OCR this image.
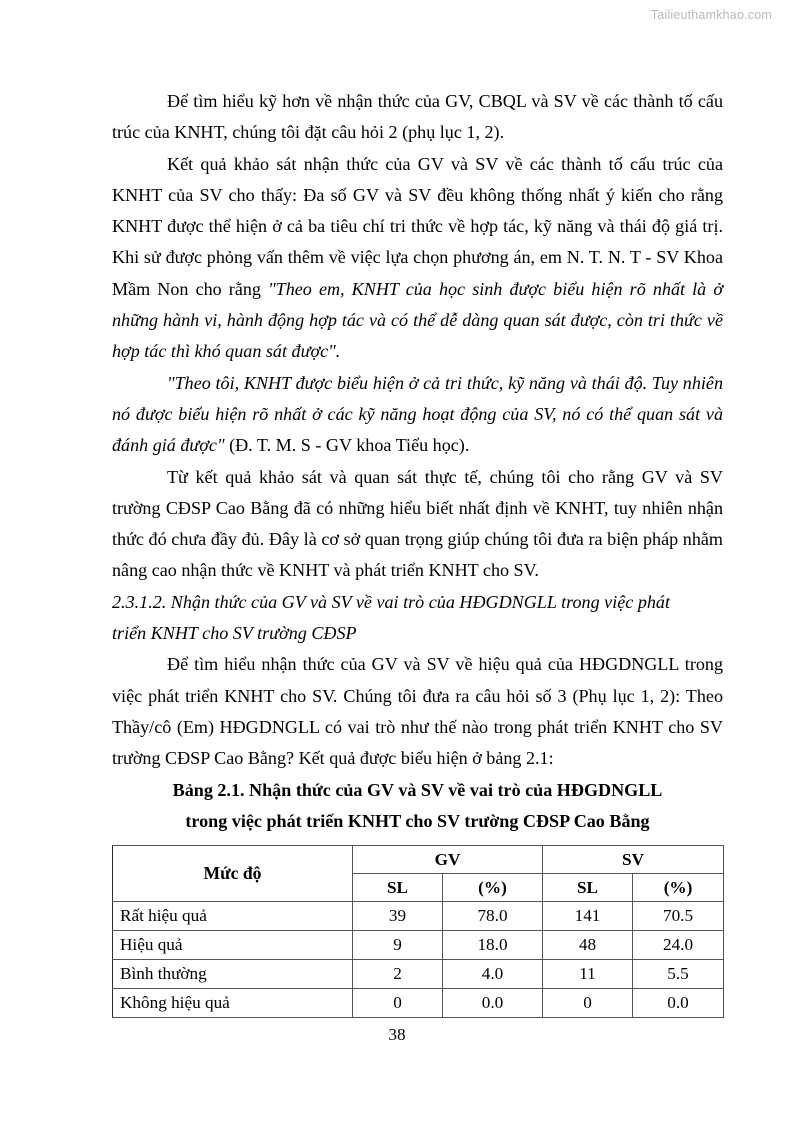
Tailieuthamkhao.com

Để tìm hiểu kỹ hơn về nhận thức của GV, CBQL và SV về các thành tố cấu trúc của KNHT, chúng tôi đặt câu hỏi 2 (phụ lục 1, 2).

Kết quả khảo sát nhận thức của GV và SV về các thành tố cấu trúc của KNHT của SV cho thấy: Đa số GV và SV đều không thống nhất ý kiến cho rằng KNHT được thể hiện ở cả ba tiêu chí tri thức về hợp tác, kỹ năng và thái độ giá trị. Khi sử được phỏng vấn thêm về việc lựa chọn phương án, em N. T. N. T - SV Khoa Mầm Non cho rằng "Theo em, KNHT của học sinh được biểu hiện rõ nhất là ở những hành vi, hành động hợp tác và có thể dễ dàng quan sát được, còn tri thức về hợp tác thì khó quan sát được".

"Theo tôi, KNHT được biểu hiện ở cả tri thức, kỹ năng và thái độ. Tuy nhiên nó được biểu hiện rõ nhất ở các kỹ năng hoạt động của SV, nó có thể quan sát và đánh giá được" (Đ. T. M. S - GV khoa Tiểu học).

Từ kết quả khảo sát và quan sát thực tế, chúng tôi cho rằng GV và SV trường CĐSP Cao Bằng đã có những hiểu biết nhất định về KNHT, tuy nhiên nhận thức đó chưa đầy đủ. Đây là cơ sở quan trọng giúp chúng tôi đưa ra biện pháp nhằm nâng cao nhận thức về KNHT và phát triển KNHT cho SV.

2.3.1.2. Nhận thức của GV và SV về vai trò của HĐGDNGLL trong việc phát

triển KNHT cho SV trường CĐSP

Để tìm hiểu nhận thức của GV và SV về hiệu quả của HĐGDNGLL trong việc phát triển KNHT cho SV. Chúng tôi đưa ra câu hỏi số 3 (Phụ lục 1, 2): Theo Thầy/cô (Em) HĐGDNGLL có vai trò như thế nào trong phát triển KNHT cho SV trường CĐSP Cao Bằng? Kết quả được biểu hiện ở bảng 2.1:

Bảng 2.1. Nhận thức của GV và SV về vai trò của HĐGDNGLL

trong việc phát triển KNHT cho SV trường CĐSP Cao Bằng

Mức độ	GV		SV	
	SL	(%)	SL	(%)
Rất hiệu quả	39	78.0	141	70.5
Hiệu quả	9	18.0	48	24.0
Bình thường	2	4.0	11	5.5
Không hiệu quả	0	0.0	0	0.0
38
